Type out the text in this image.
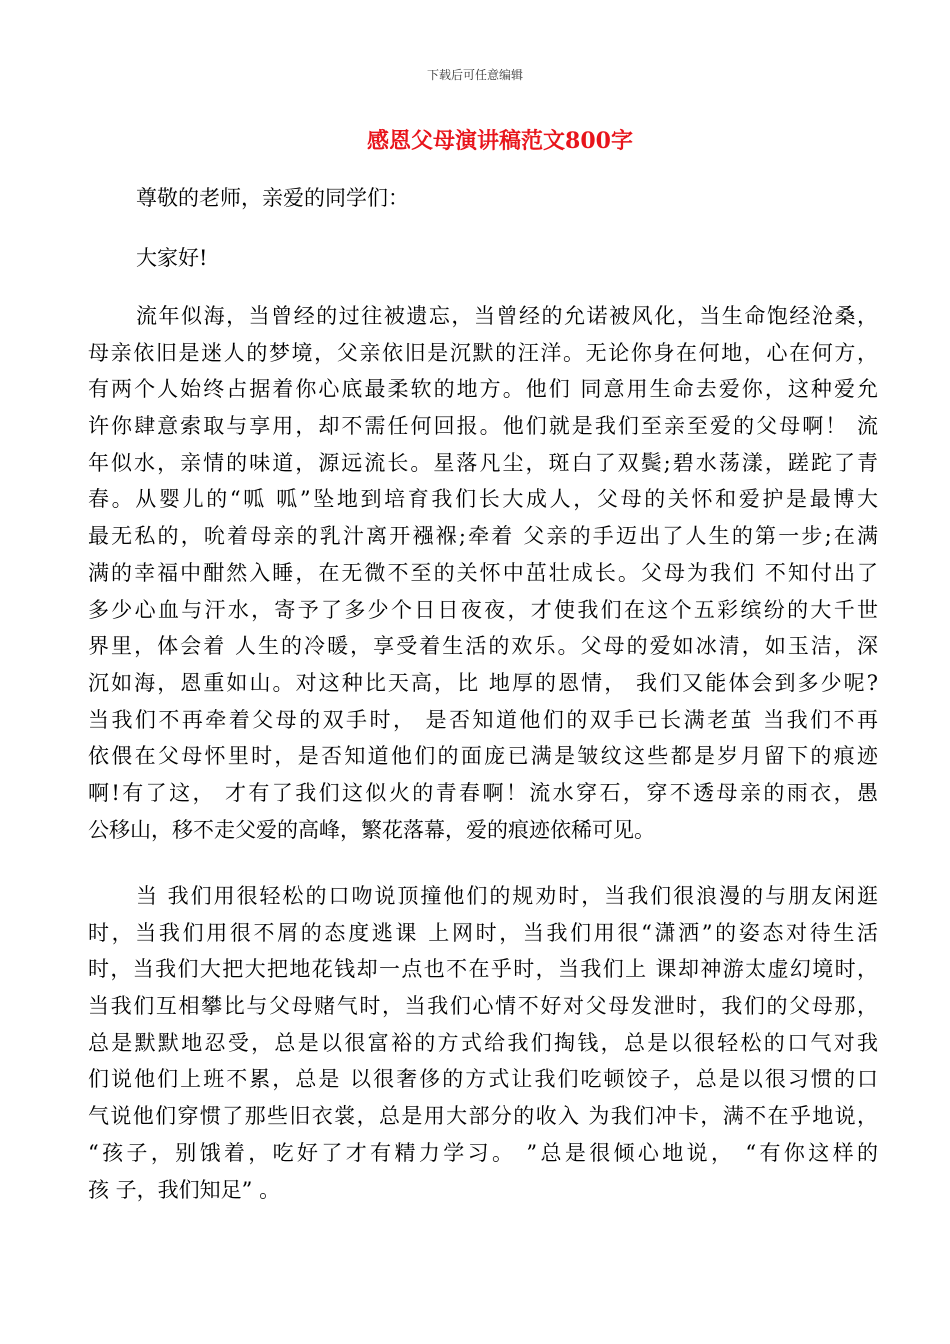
下载后可任意编辑
感恩父母演讲稿范文800字
尊敬的老师，亲爱的同学们：
大家好!
流年似海，当曾经的过往被遗忘，当曾经的允诺被风化，当生命饱经沧桑，
母亲依旧是迷人的梦境，父亲依旧是沉默的汪洋。无论你身在何地，心在何方，
有两个人始终占据着你心底最柔软的地方。他们 同意用生命去爱你，这种爱允
许你肆意索取与享用，却不需任何回报。他们就是我们至亲至爱的父母啊！ 流
年似水，亲情的味道，源远流长。星落凡尘，斑白了双鬓;碧水荡漾，蹉跎了青
春。从婴儿的“呱 呱”坠地到培育我们长大成人，父母的关怀和爱护是最博大
最无私的，吮着母亲的乳汁离开襁褓;牵着 父亲的手迈出了人生的第一步;在满
满的幸福中酣然入睡，在无微不至的关怀中茁壮成长。父母为我们 不知付出了
多少心血与汗水，寄予了多少个日日夜夜，才使我们在这个五彩缤纷的大千世
界里，体会着 人生的冷暖，享受着生活的欢乐。父母的爱如冰清，如玉洁，深
沉如海，恩重如山。对这种比天高，比 地厚的恩情， 我们又能体会到多少呢?
当我们不再牵着父母的双手时， 是否知道他们的双手已长满老茧 当我们不再
依偎在父母怀里时，是否知道他们的面庞已满是皱纹这些都是岁月留下的痕迹
啊!有了这， 才有了我们这似火的青春啊！流水穿石，穿不透母亲的雨衣，愚
公移山，移不走父爱的高峰，繁花落幕，爱的痕迹依稀可见。
当 我们用很轻松的口吻说顶撞他们的规劝时，当我们很浪漫的与朋友闲逛
时，当我们用很不屑的态度逃课 上网时，当我们用很“潇洒”的姿态对待生活
时，当我们大把大把地花钱却一点也不在乎时，当我们上 课却神游太虚幻境时，
当我们互相攀比与父母赌气时，当我们心情不好对父母发泄时，我们的父母那，
总是默默地忍受，总是以很富裕的方式给我们掏钱，总是以很轻松的口气对我
们说他们上班不累，总是 以很奢侈的方式让我们吃顿饺子，总是以很习惯的口
气说他们穿惯了那些旧衣裳，总是用大部分的收入 为我们冲卡，满不在乎地说，
“孩子，别饿着，吃好了才有精力学习。 ”总是很倾心地说， “有你这样的
孩 子，我们知足” 。
